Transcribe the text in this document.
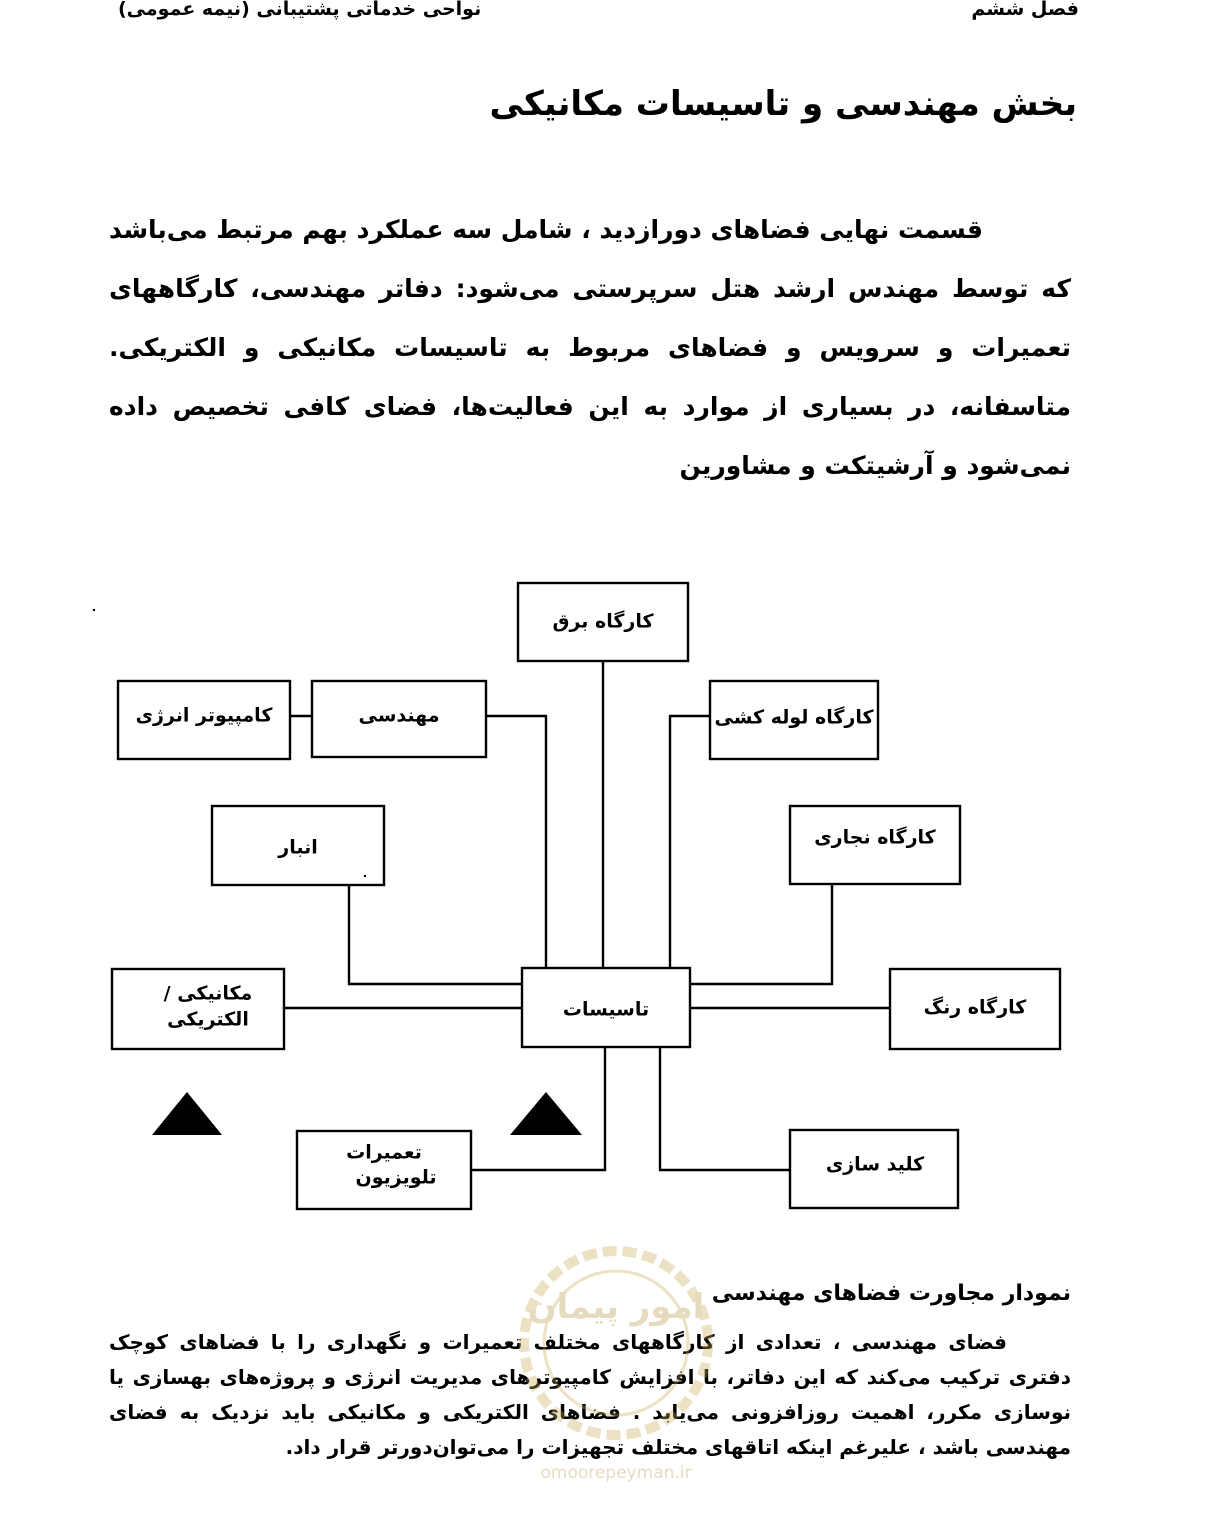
فصل ششم
نواحی خدماتی پشتیبانی (نیمه عمومی)
بخش مهندسی و تاسیسات مکانیکی

قسمت نهایی فضاهای دورازدید ، شامل سه عملکرد بهم مرتبط می‌باشد که توسط مهندس ارشد هتل سرپرستی می‌شود: دفاتر مهندسی، کارگاههای تعمیرات و سرویس و فضاهای مربوط به تاسیسات مکانیکی و الکتریکی. متاسفانه، در بسیاری از موارد به این فعالیت‌ها، فضای کافی تخصیص داده نمی‌شود و آرشیتکت و مشاورین

کارگاه برق
مهندسی
کامپیوتر انرژی	کارگاه لوله کشی
انبار	کارگاه نجاری
مکانیکی /
الکتریکی	تاسیسات	کارگاه رنگ
تعمیرات
تلویزیون
کلید سازی
نمودار مجاورت فضاهای مهندسی

فضای مهندسی ، تعدادی از کارگاههای مختلف تعمیرات و نگهداری را با فضاهای کوچک دفتری ترکیب می‌کند که این دفاتر، با افزایش کامپیوترهای مدیریت انرژی و پروژه‌های بهسازی یا نوسازی مکرر، اهمیت روزافزونی می‌یابد . فضاهای الکتریکی و مکانیکی باید نزدیک به فضای مهندسی باشد ، علیرغم اینکه اتاقهای مختلف تجهیزات را می‌توان‌دورتر قرار داد.

امور پیمان
omoorepeyman.ir
